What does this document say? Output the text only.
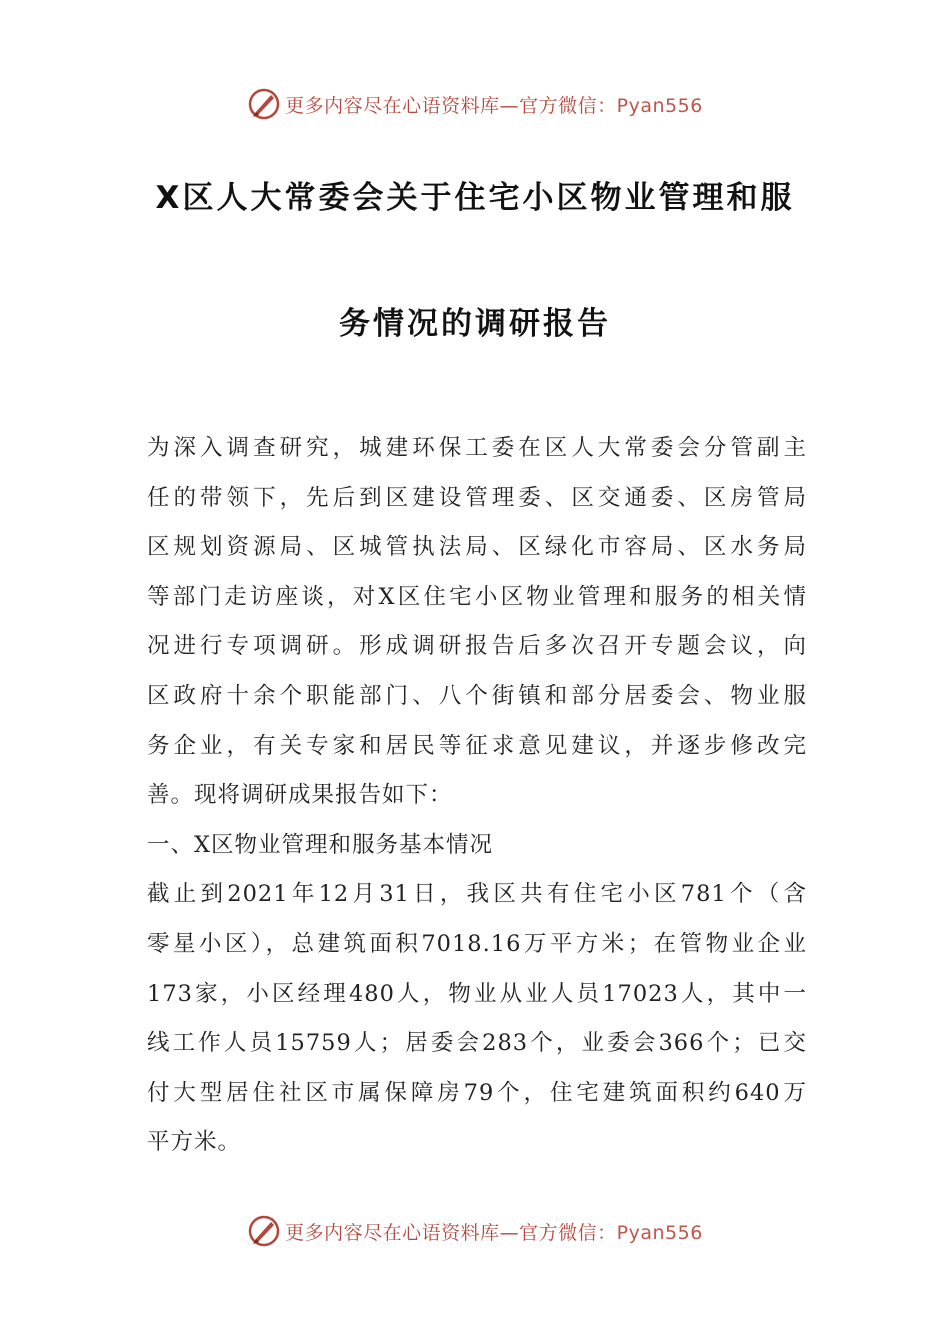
更多内容尽在心语资料库—官方微信：Pyan556
X区人大常委会关于住宅小区物业管理和服
务情况的调研报告
为深入调查研究，城建环保工委在区人大常委会分管副主
任的带领下，先后到区建设管理委、区交通委、区房管局
区规划资源局、区城管执法局、区绿化市容局、区水务局
等部门走访座谈，对X区住宅小区物业管理和服务的相关情
况进行专项调研。形成调研报告后多次召开专题会议，向
区政府十余个职能部门、八个街镇和部分居委会、物业服
务企业，有关专家和居民等征求意见建议，并逐步修改完
善。现将调研成果报告如下：
一、X区物业管理和服务基本情况
截止到2021年12月31日，我区共有住宅小区781个（含
零星小区），总建筑面积7018.16万平方米；在管物业企业
173家，小区经理480人，物业从业人员17023人，其中一
线工作人员15759人；居委会283个，业委会366个；已交
付大型居住社区市属保障房79个，住宅建筑面积约640万
平方米。
更多内容尽在心语资料库—官方微信：Pyan556
